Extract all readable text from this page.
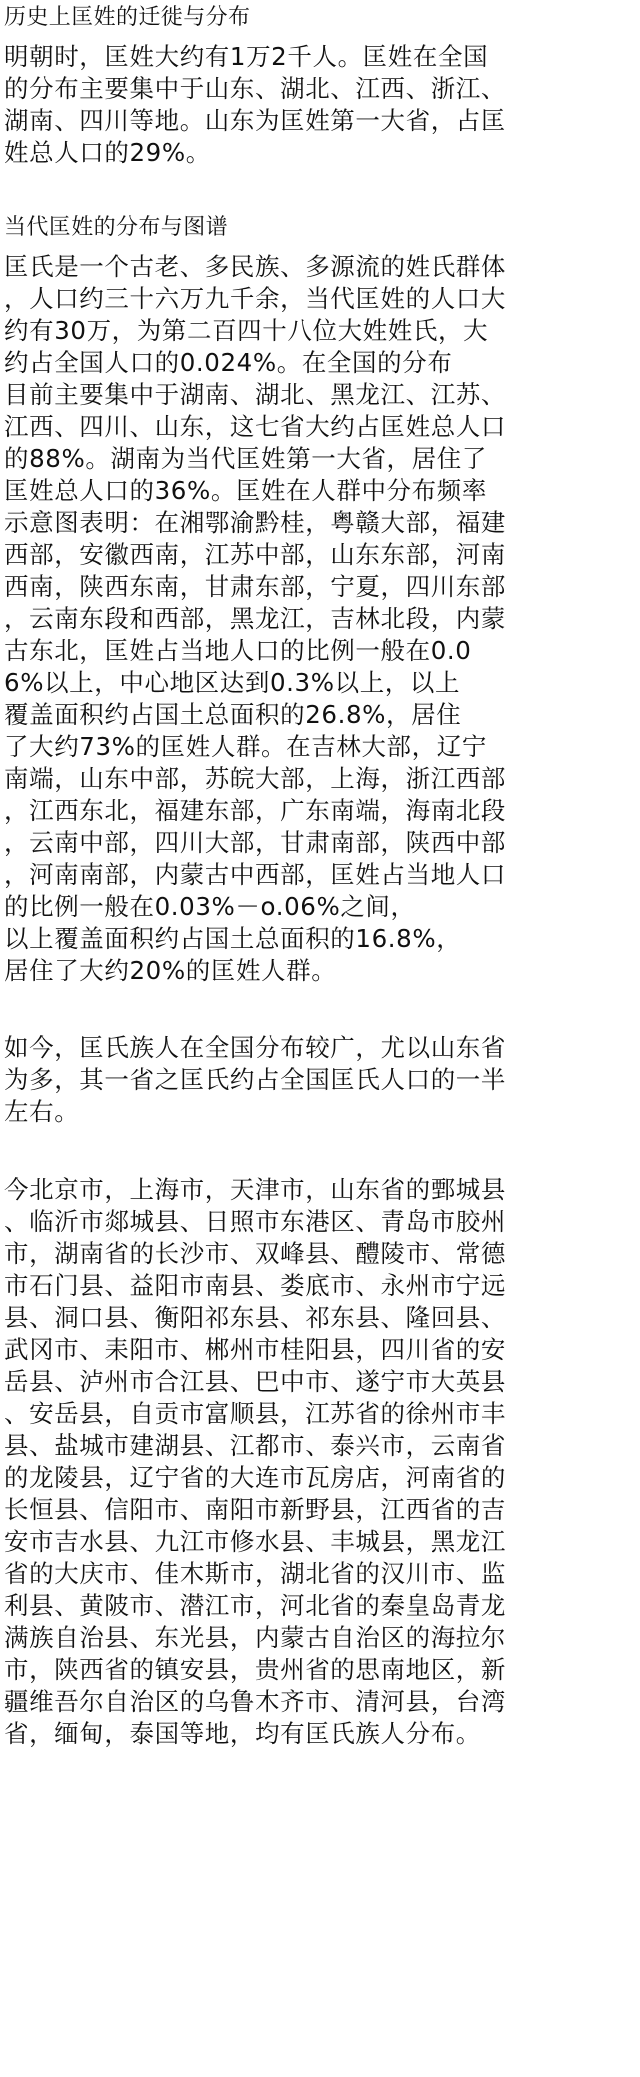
历史上匡姓的迁徙与分布
明朝时，匡姓大约有1万2千人。匡姓在全国
的分布主要集中于山东、湖北、江西、浙江、
湖南、四川等地。山东为匡姓第一大省，占匡
姓总人口的29%。
当代匡姓的分布与图谱
匡氏是一个古老、多民族、多源流的姓氏群体
，人口约三十六万九千余，当代匡姓的人口大
约有30万，为第二百四十八位大姓姓氏，大
约占全国人口的0.024%。在全国的分布
目前主要集中于湖南、湖北、黑龙江、江苏、
江西、四川、山东，这七省大约占匡姓总人口
的88%。湖南为当代匡姓第一大省，居住了
匡姓总人口的36%。匡姓在人群中分布频率
示意图表明：在湘鄂渝黔桂，粤赣大部，福建
西部，安徽西南，江苏中部，山东东部，河南
西南，陕西东南，甘肃东部，宁夏，四川东部
，云南东段和西部，黑龙江，吉林北段，内蒙
古东北，匡姓占当地人口的比例一般在0.0
6%以上，中心地区达到0.3%以上，以上
覆盖面积约占国土总面积的26.8%，居住
了大约73%的匡姓人群。在吉林大部，辽宁
南端，山东中部，苏皖大部，上海，浙江西部
，江西东北，福建东部，广东南端，海南北段
，云南中部，四川大部，甘肃南部，陕西中部
，河南南部，内蒙古中西部，匡姓占当地人口
的比例一般在0.03%－o.06%之间，
以上覆盖面积约占国土总面积的16.8%，
居住了大约20%的匡姓人群。
如今，匡氏族人在全国分布较广，尤以山东省
为多，其一省之匡氏约占全国匡氏人口的一半
左右。
今北京市，上海市，天津市，山东省的鄄城县
、临沂市郯城县、日照市东港区、青岛市胶州
市，湖南省的长沙市、双峰县、醴陵市、常德
市石门县、益阳市南县、娄底市、永州市宁远
县、洞口县、衡阳祁东县、祁东县、隆回县、
武冈市、耒阳市、郴州市桂阳县，四川省的安
岳县、泸州市合江县、巴中市、遂宁市大英县
、安岳县，自贡市富顺县，江苏省的徐州市丰
县、盐城市建湖县、江都市、泰兴市，云南省
的龙陵县，辽宁省的大连市瓦房店，河南省的
长恒县、信阳市、南阳市新野县，江西省的吉
安市吉水县、九江市修水县、丰城县，黑龙江
省的大庆市、佳木斯市，湖北省的汉川市、监
利县、黄陂市、潜江市，河北省的秦皇岛青龙
满族自治县、东光县，内蒙古自治区的海拉尔
市，陕西省的镇安县，贵州省的思南地区，新
疆维吾尔自治区的乌鲁木齐市、清河县，台湾
省，缅甸，泰国等地，均有匡氏族人分布。
